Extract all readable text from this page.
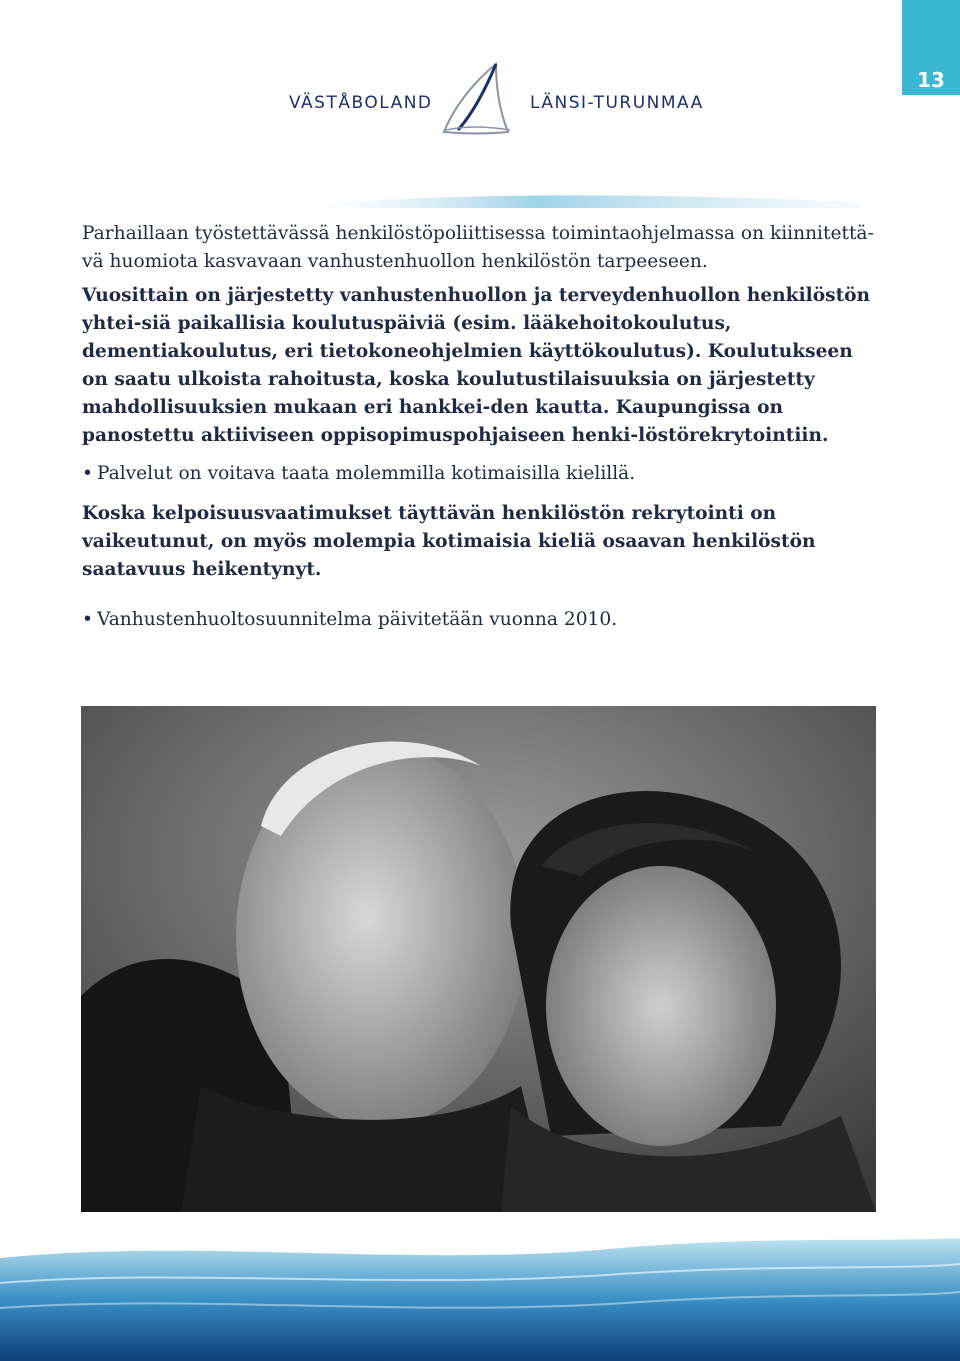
13
VÄSTÅBOLAND	LÄNSI-TURUNMAA

Parhaillaan työstettävässä henkilöstöpoliittisessa toimintaohjelmassa on kiinnitettä-vä huomiota kasvavaan vanhustenhuollon henkilöstön tarpeeseen.

Vuosittain on järjestetty vanhustenhuollon ja terveydenhuollon henkilöstön yhtei-siä paikallisia koulutuspäiviä (esim. lääkehoitokoulutus, dementiakoulutus, eri tietokoneohjelmien käyttökoulutus). Koulutukseen on saatu ulkoista rahoitusta, koska koulutustilaisuuksia on järjestetty mahdollisuuksien mukaan eri hankkei-den kautta. Kaupungissa on panostettu aktiiviseen oppisopimuspohjaiseen henki-löstörekrytointiin.

• Palvelut on voitava taata molemmilla kotimaisilla kielillä.

Koska kelpoisuusvaatimukset täyttävän henkilöstön rekrytointi on vaikeutunut, on myös molempia kotimaisia kieliä osaavan henkilöstön saatavuus heikentynyt.

• Vanhustenhuoltosuunnitelma päivitetään vuonna 2010.
